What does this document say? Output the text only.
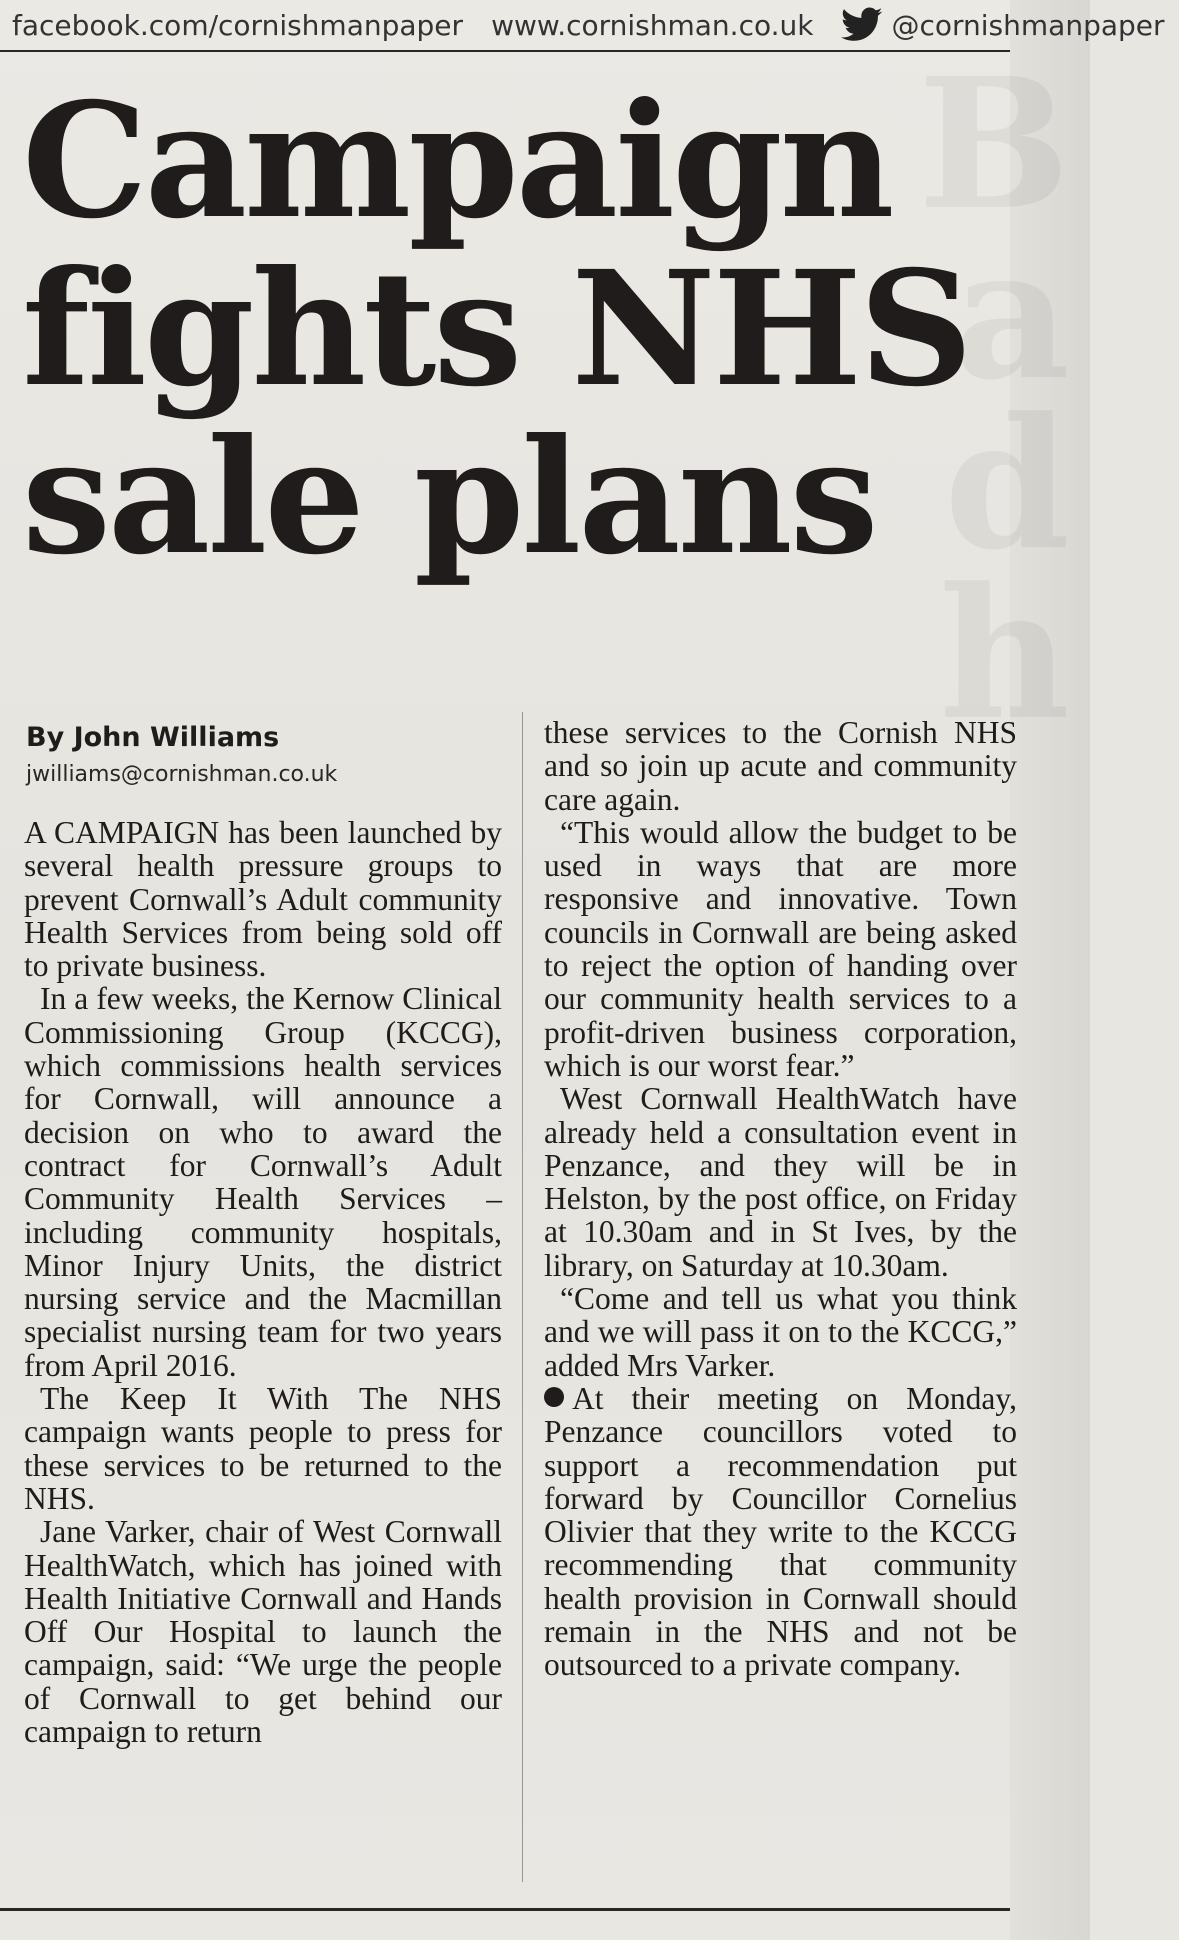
facebook.com/cornishmanpaper	www.cornishman.co.uk	@cornishmanpaper
B

d
h
Campaign
fights NHS
sale plans
By John Williams
jwilliams@cornishman.co.uk

A CAMPAIGN has been launched by several health pressure groups to prevent Cornwall’s Adult community Health Services from being sold off to private business.

In a few weeks, the Kernow Clinical Commissioning Group (KCCG), which commissions health services for Cornwall, will announce a decision on who to award the contract for Cornwall’s Adult Community Health Services – including community hospitals, Minor Injury Units, the district nursing service and the Macmillan specialist nursing team for two years from April 2016.

The Keep It With The NHS campaign wants people to press for these services to be returned to the NHS.

Jane Varker, chair of West Cornwall HealthWatch, which has joined with Health Initiative Cornwall and Hands Off Our Hospital to launch the campaign, said: “We urge the people of Cornwall to get behind our campaign to return

these services to the Cornish NHS and so join up acute and community care again.

“This would allow the budget to be used in ways that are more responsive and innovative. Town councils in Cornwall are being asked to reject the option of handing over our community health services to a profit-driven business corporation, which is our worst fear.”

West Cornwall HealthWatch have already held a consultation event in Penzance, and they will be in Helston, by the post office, on Friday at 10.30am and in St Ives, by the library, on Saturday at 10.30am.

“Come and tell us what you think and we will pass it on to the KCCG,” added Mrs Varker.

At their meeting on Monday, Penzance councillors voted to support a recommendation put forward by Councillor Cornelius Olivier that they write to the KCCG recommending that community health provision in Cornwall should remain in the NHS and not be outsourced to a private company.
